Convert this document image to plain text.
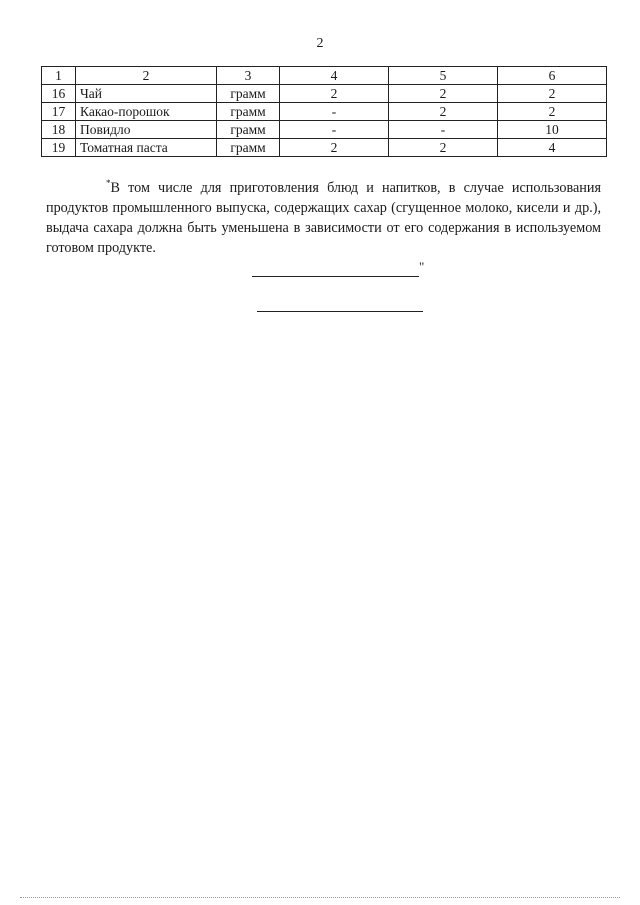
2
1	2	3	4	5	6
16	Чай	грамм	2	2	2
17	Какао-порошок	грамм	-	2	2
18	Повидло	грамм	-	-	10
19	Томатная паста	грамм	2	2	4
*В том числе для приготовления блюд и напитков, в случае использования продуктов промышленного выпуска, содержащих сахар (сгущенное молоко, кисели и др.), выдача сахара должна быть уменьшена в зависимости от его содержания в используемом готовом продукте.
"
